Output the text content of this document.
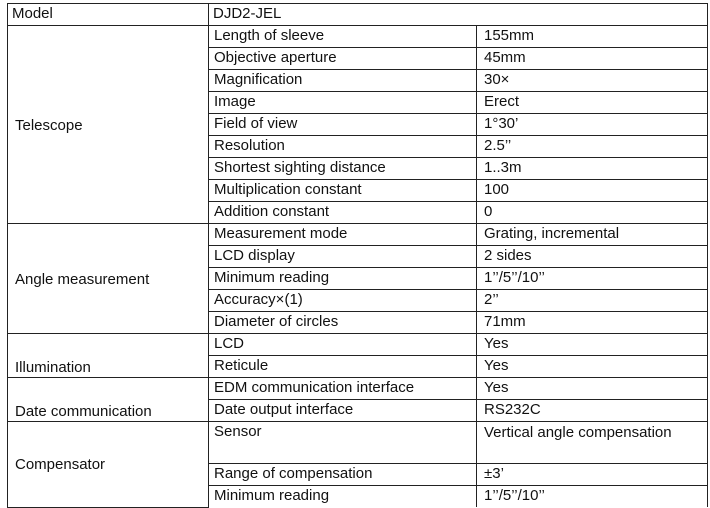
Model	DJD2-JEL	
Telescope	Length of sleeve	155mm
	Objective aperture	45mm
	Magnification	30×
	Image	Erect
	Field of view	1°30’
	Resolution	2.5’’
	Shortest sighting distance	1..3m
	Multiplication constant	100
	Addition constant	0
Angle measurement	Measurement mode	Grating, incremental
	LCD display	2 sides
	Minimum reading	1’’/5’’/10’’
	Accuracy×(1)	2’’
	Diameter of circles	71mm
Illumination	LCD	Yes
	Reticule	Yes
Date communication	EDM communication interface	Yes
	Date output interface	RS232C
Compensator	Sensor	Vertical angle compensation
	Range of compensation	±3’
	Minimum reading	1’’/5’’/10’’
